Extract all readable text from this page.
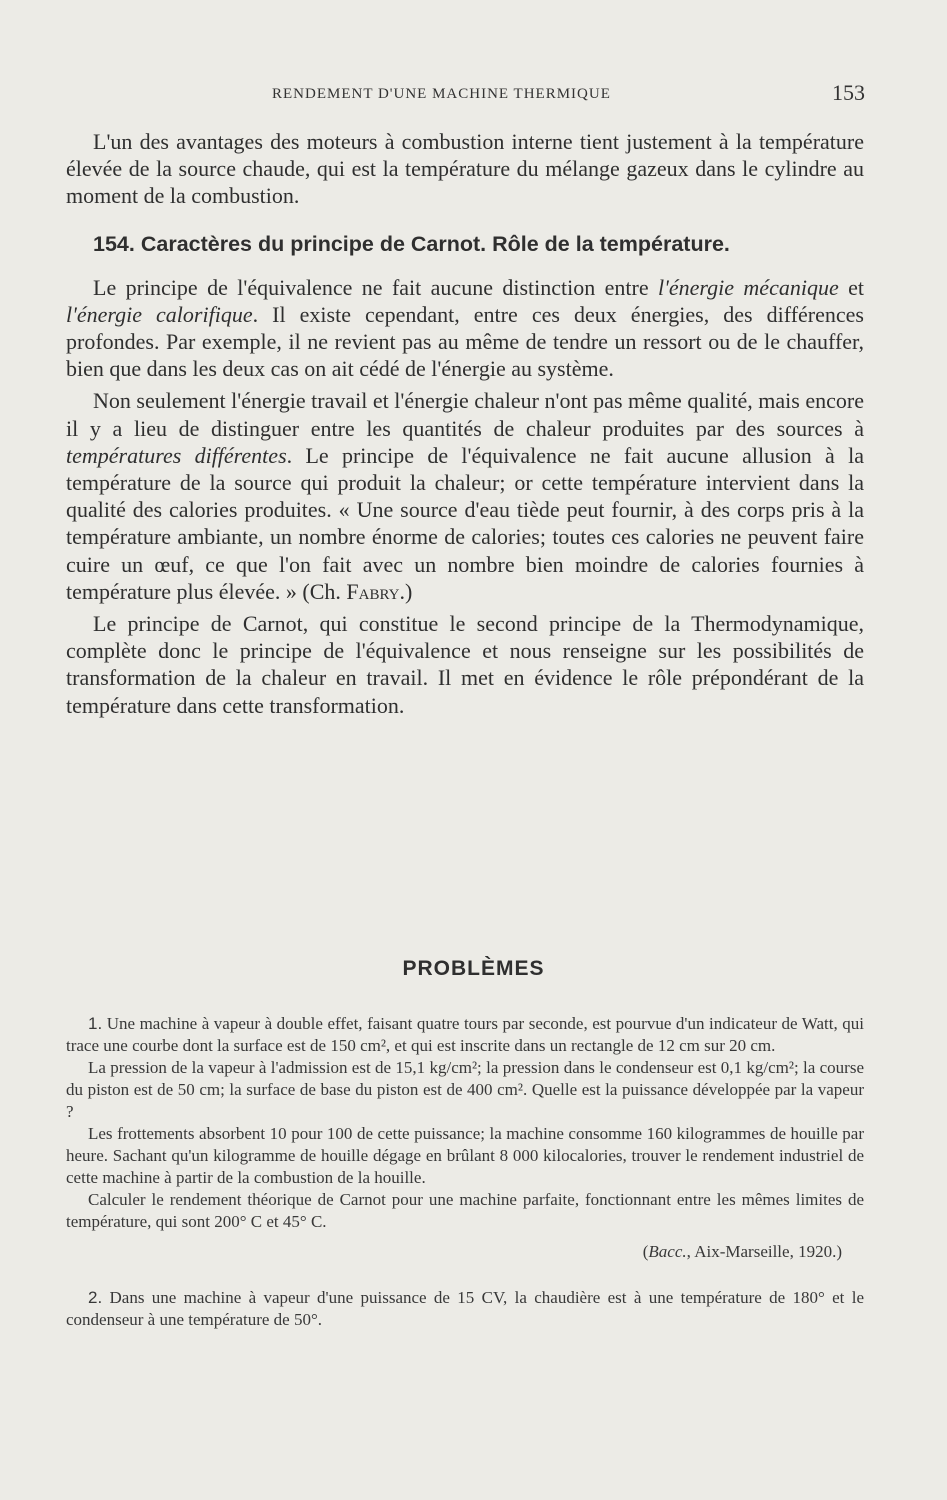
RENDEMENT D'UNE MACHINE THERMIQUE	153

L'un des avantages des moteurs à combustion interne tient justement à la température élevée de la source chaude, qui est la température du mélange gazeux dans le cylindre au moment de la combustion.

154. Caractères du principe de Carnot. Rôle de la température.

Le principe de l'équivalence ne fait aucune distinction entre l'énergie mécanique et l'énergie calorifique. Il existe cependant, entre ces deux énergies, des différences profondes. Par exemple, il ne revient pas au même de tendre un ressort ou de le chauffer, bien que dans les deux cas on ait cédé de l'énergie au système.

Non seulement l'énergie travail et l'énergie chaleur n'ont pas même qualité, mais encore il y a lieu de distinguer entre les quantités de chaleur produites par des sources à températures différentes. Le principe de l'équivalence ne fait aucune allusion à la température de la source qui produit la chaleur; or cette température intervient dans la qualité des calories produites. « Une source d'eau tiède peut fournir, à des corps pris à la température ambiante, un nombre énorme de calories; toutes ces calories ne peuvent faire cuire un œuf, ce que l'on fait avec un nombre bien moindre de calories fournies à température plus élevée. » (Ch. Fabry.)

Le principe de Carnot, qui constitue le second principe de la Thermodynamique, complète donc le principe de l'équivalence et nous renseigne sur les possibilités de transformation de la chaleur en travail. Il met en évidence le rôle prépondérant de la température dans cette transformation.

PROBLÈMES

1. Une machine à vapeur à double effet, faisant quatre tours par seconde, est pourvue d'un indicateur de Watt, qui trace une courbe dont la surface est de 150 cm², et qui est inscrite dans un rectangle de 12 cm sur 20 cm.

La pression de la vapeur à l'admission est de 15,1 kg/cm²; la pression dans le condenseur est 0,1 kg/cm²; la course du piston est de 50 cm; la surface de base du piston est de 400 cm². Quelle est la puissance développée par la vapeur ?

Les frottements absorbent 10 pour 100 de cette puissance; la machine consomme 160 kilogrammes de houille par heure. Sachant qu'un kilogramme de houille dégage en brûlant 8 000 kilocalories, trouver le rendement industriel de cette machine à partir de la combustion de la houille.

Calculer le rendement théorique de Carnot pour une machine parfaite, fonctionnant entre les mêmes limites de température, qui sont 200° C et 45° C.

(Bacc., Aix-Marseille, 1920.)

2. Dans une machine à vapeur d'une puissance de 15 CV, la chaudière est à une température de 180° et le condenseur à une température de 50°.
